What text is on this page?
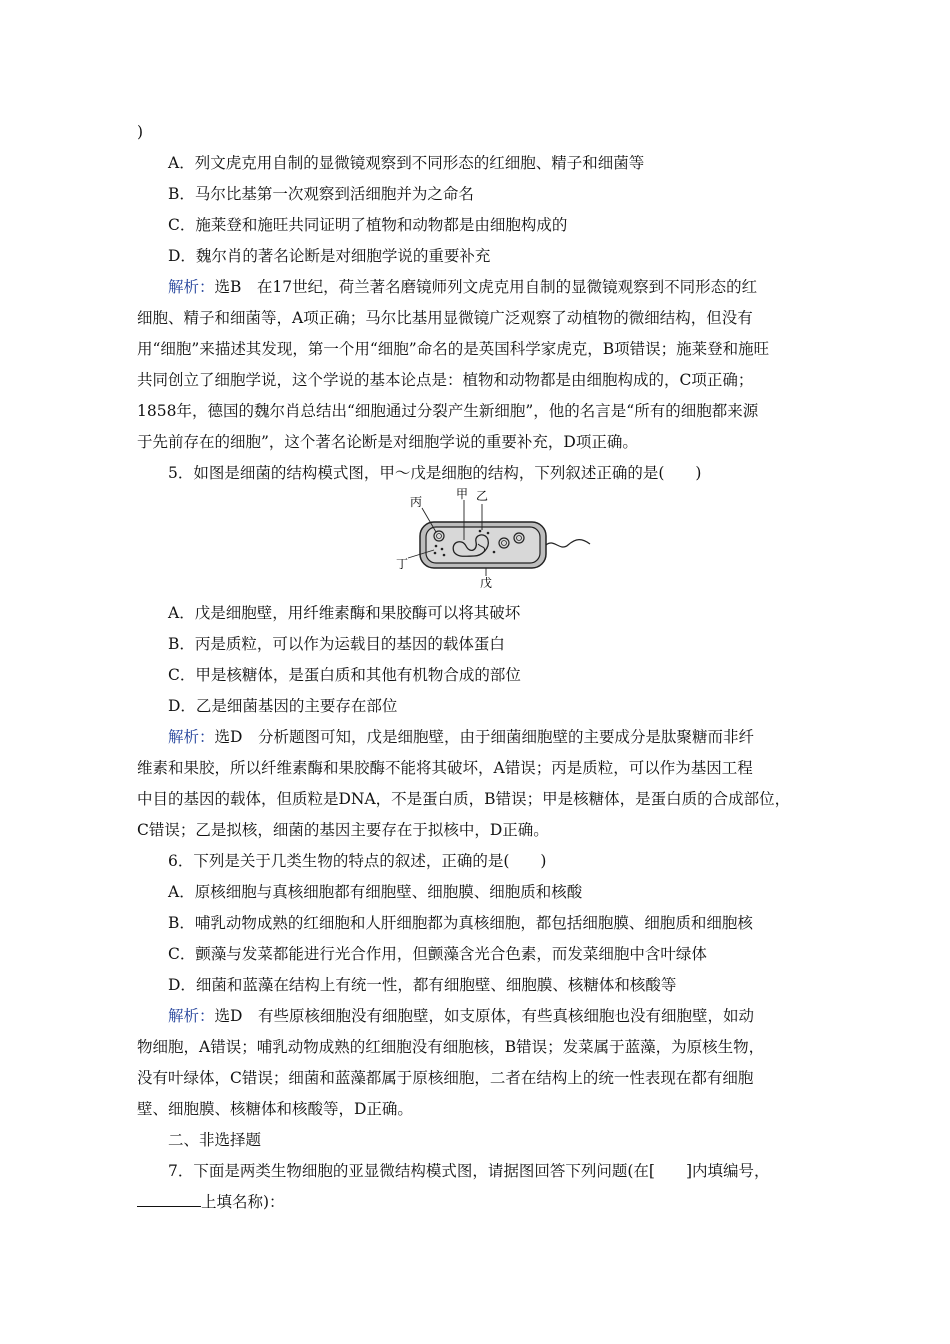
)
A．列文虎克用自制的显微镜观察到不同形态的红细胞、精子和细菌等
B．马尔比基第一次观察到活细胞并为之命名
C．施莱登和施旺共同证明了植物和动物都是由细胞构成的
D．魏尔肖的著名论断是对细胞学说的重要补充
解析：选B　在17世纪，荷兰著名磨镜师列文虎克用自制的显微镜观察到不同形态的红
细胞、精子和细菌等，A项正确；马尔比基用显微镜广泛观察了动植物的微细结构，但没有
用“细胞”来描述其发现，第一个用“细胞”命名的是英国科学家虎克，B项错误；施莱登和施旺
共同创立了细胞学说，这个学说的基本论点是：植物和动物都是由细胞构成的，C项正确；
1858年，德国的魏尔肖总结出“细胞通过分裂产生新细胞”，他的名言是“所有的细胞都来源
于先前存在的细胞”，这个著名论断是对细胞学说的重要补充，D项正确。
5．如图是细菌的结构模式图，甲～戊是细胞的结构，下列叙述正确的是(　　)
丙
甲 乙
丁
戊
A．戊是细胞壁，用纤维素酶和果胶酶可以将其破坏
B．丙是质粒，可以作为运载目的基因的载体蛋白
C．甲是核糖体，是蛋白质和其他有机物合成的部位
D．乙是细菌基因的主要存在部位
解析：选D　分析题图可知，戊是细胞壁，由于细菌细胞壁的主要成分是肽聚糖而非纤
维素和果胶，所以纤维素酶和果胶酶不能将其破坏，A错误；丙是质粒，可以作为基因工程
中目的基因的载体，但质粒是DNA，不是蛋白质，B错误；甲是核糖体，是蛋白质的合成部位，
C错误；乙是拟核，细菌的基因主要存在于拟核中，D正确。
6．下列是关于几类生物的特点的叙述，正确的是(　　)
A．原核细胞与真核细胞都有细胞壁、细胞膜、细胞质和核酸
B．哺乳动物成熟的红细胞和人肝细胞都为真核细胞，都包括细胞膜、细胞质和细胞核
C．颤藻与发菜都能进行光合作用，但颤藻含光合色素，而发菜细胞中含叶绿体
D．细菌和蓝藻在结构上有统一性，都有细胞壁、细胞膜、核糖体和核酸等
解析：选D　有些原核细胞没有细胞壁，如支原体，有些真核细胞也没有细胞壁，如动
物细胞，A错误；哺乳动物成熟的红细胞没有细胞核，B错误；发菜属于蓝藻，为原核生物，
没有叶绿体，C错误；细菌和蓝藻都属于原核细胞，二者在结构上的统一性表现在都有细胞
壁、细胞膜、核糖体和核酸等，D正确。
二、非选择题
7．下面是两类生物细胞的亚显微结构模式图，请据图回答下列问题(在[　　]内填编号，
上填名称)：
